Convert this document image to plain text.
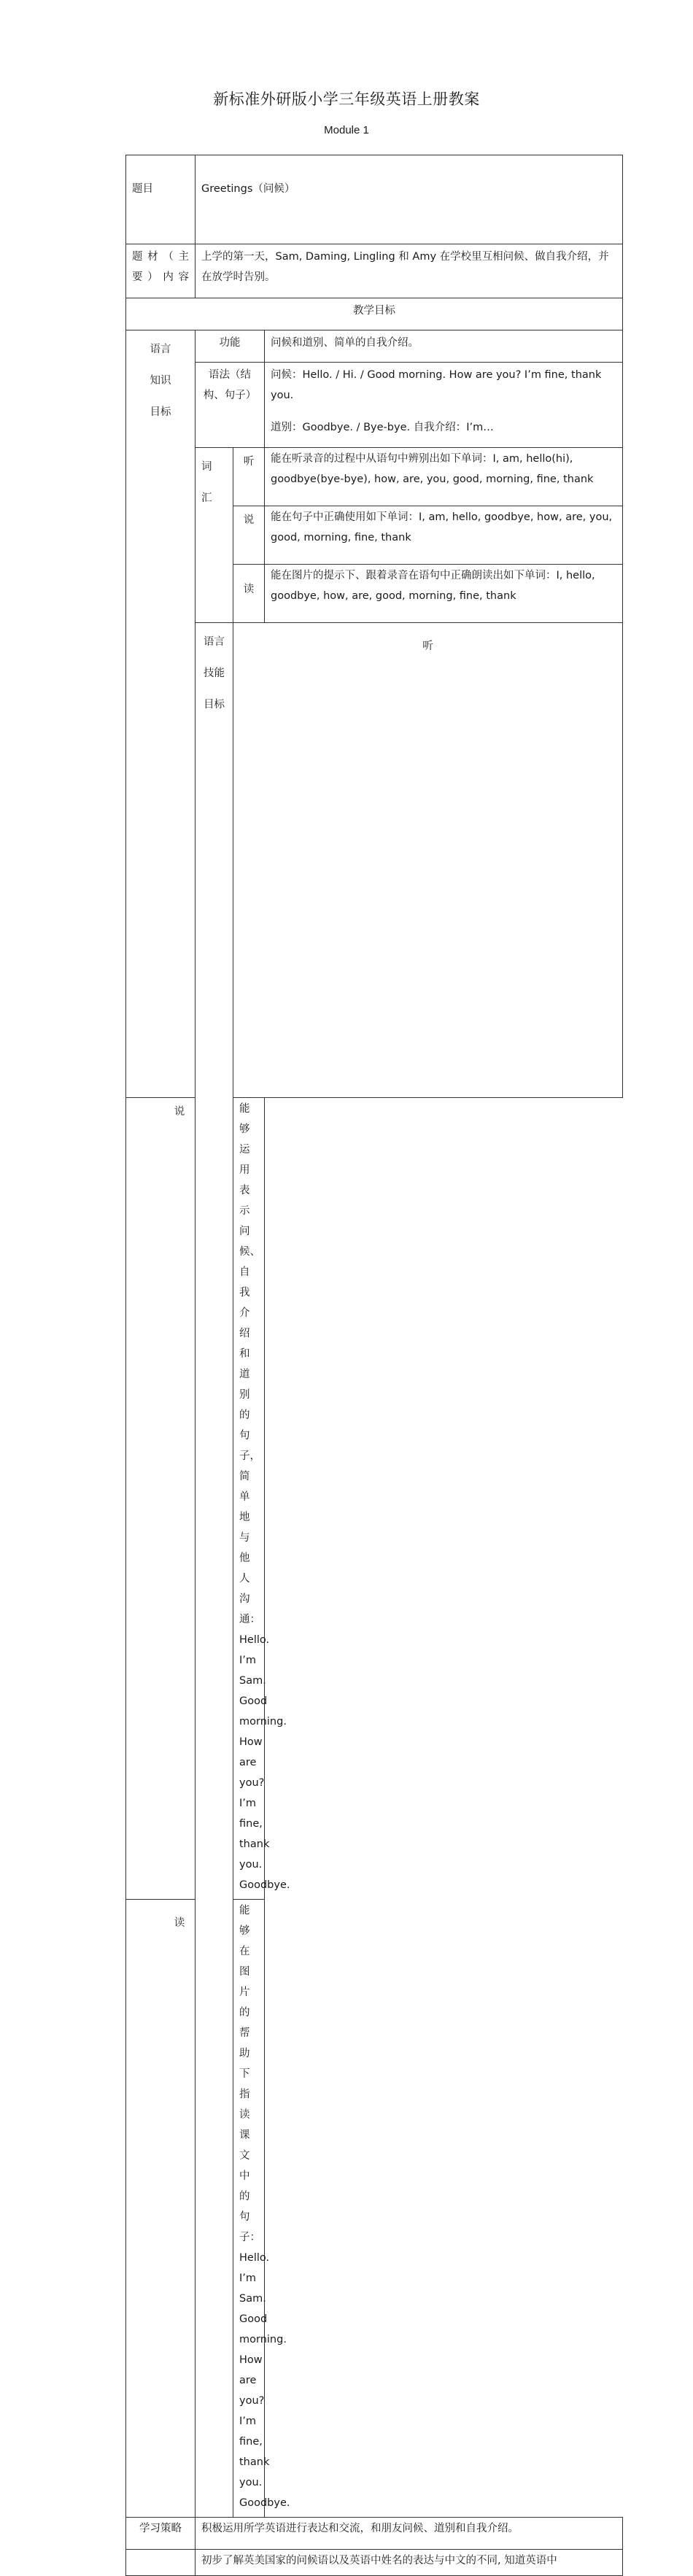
新标准外研版小学三年级英语上册教案
Module 1
题目	Greetings（问候）			
题材（主要）内容	上学的第一天，Sam, Daming, Lingling 和 Amy 在学校里互相问候、做自我介绍，并在放学时告别。			
教学目标				

语言
知识
目标	功能		问候和道别、简单的自我介绍。	
	语法（结构、句子）		问候：Hello. / Hi. / Good morning. How are you? I’m fine, thank you.
道别：Goodbye. / Bye-bye. 自我介绍：I’m…	

	词
汇	听	能在听录音的过程中从语句中辨别出如下单词：I, am, hello(hi), goodbye(bye-bye), how, are, you, good, morning, fine, thank	
		说	能在句子中正确使用如下单词：I, am, hello, goodbye, how, are, you, good, morning, fine, thank	
		读	能在图片的提示下、跟着录音在语句中正确朗读出如下单词：I, hello, goodbye, how, are, good, morning, fine, thank	

	语言
技能
目标	听	
说		能够运用表示问候、自我介绍和道别的句子，简单地与他人沟通：Hello. I’m Sam. Good morning. How are you? I’m fine, thank you. Goodbye.		
读		能够在图片的帮助下指读课文中的句子：Hello. I’m Sam. Good morning. How are you? I’m fine, thank you. Goodbye.		
学习策略	积极运用所学英语进行表达和交流，和朋友问候、道别和自我介绍。			
	初步了解英美国家的问候语以及英语中姓名的表达与中文的不同, 知道英语中			
